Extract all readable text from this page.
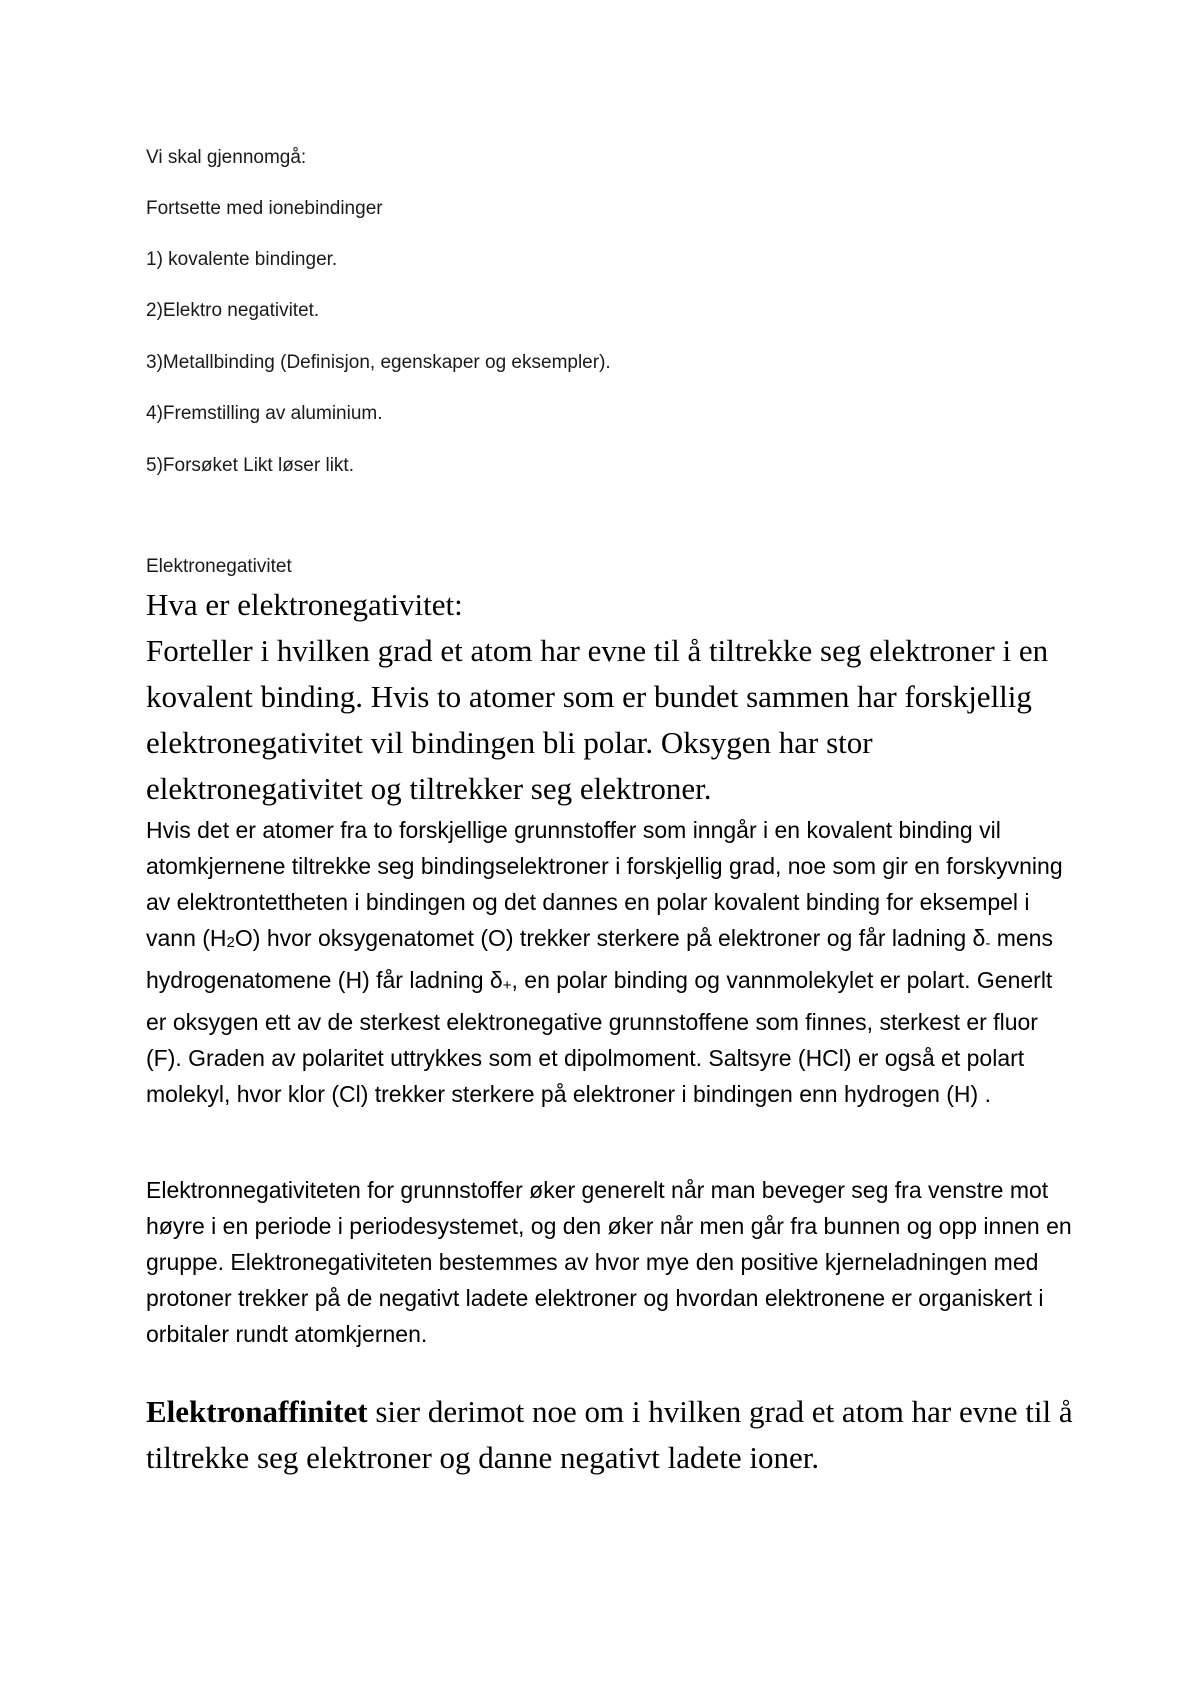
Vi skal gjennomgå:

Fortsette med ionebindinger

1) kovalente bindinger.

2)Elektro negativitet.

3)Metallbinding (Definisjon, egenskaper og eksempler).

4)Fremstilling av aluminium.

5)Forsøket Likt løser likt.

Elektronegativitet

Hva er elektronegativitet:

Forteller i hvilken grad et atom har evne til å tiltrekke seg elektroner i en kovalent binding. Hvis to atomer som er bundet sammen har forskjellig elektronegativitet vil bindingen bli polar. Oksygen har stor elektronegativitet og tiltrekker seg elektroner.

Hvis det er atomer fra to forskjellige grunnstoffer som inngår i en kovalent binding vil atomkjernene tiltrekke seg bindingselektroner i forskjellig grad, noe som gir en forskyvning av elektrontettheten i bindingen og det dannes en polar kovalent binding for eksempel i vann $(H_2O)$ hvor oksygenatomet (O) trekker sterkere på elektroner og får ladning $\delta_-$ mens hydrogenatomene (H) får ladning $\delta_+$, en polar binding og vannmolekylet er polart. Generlt er oksygen ett av de sterkest elektronegative grunnstoffene som finnes, sterkest er fluor (F). Graden av polaritet uttrykkes som et dipolmoment. Saltsyre (HCl) er også et polart molekyl, hvor klor (Cl) trekker sterkere på elektroner i bindingen enn hydrogen (H) .

Elektronnegativiteten for grunnstoffer øker generelt når man beveger seg fra venstre mot høyre i en periode i periodesystemet, og den øker når men går fra bunnen og opp innen en gruppe. Elektronegativiteten bestemmes av hvor mye den positive kjerneladningen med protoner trekker på de negativt ladete elektroner og hvordan elektronene er organiskert i orbitaler rundt atomkjernen.

Elektronaffinitet sier derimot noe om i hvilken grad et atom har evne til å tiltrekke seg elektroner og danne negativt ladete ioner.
